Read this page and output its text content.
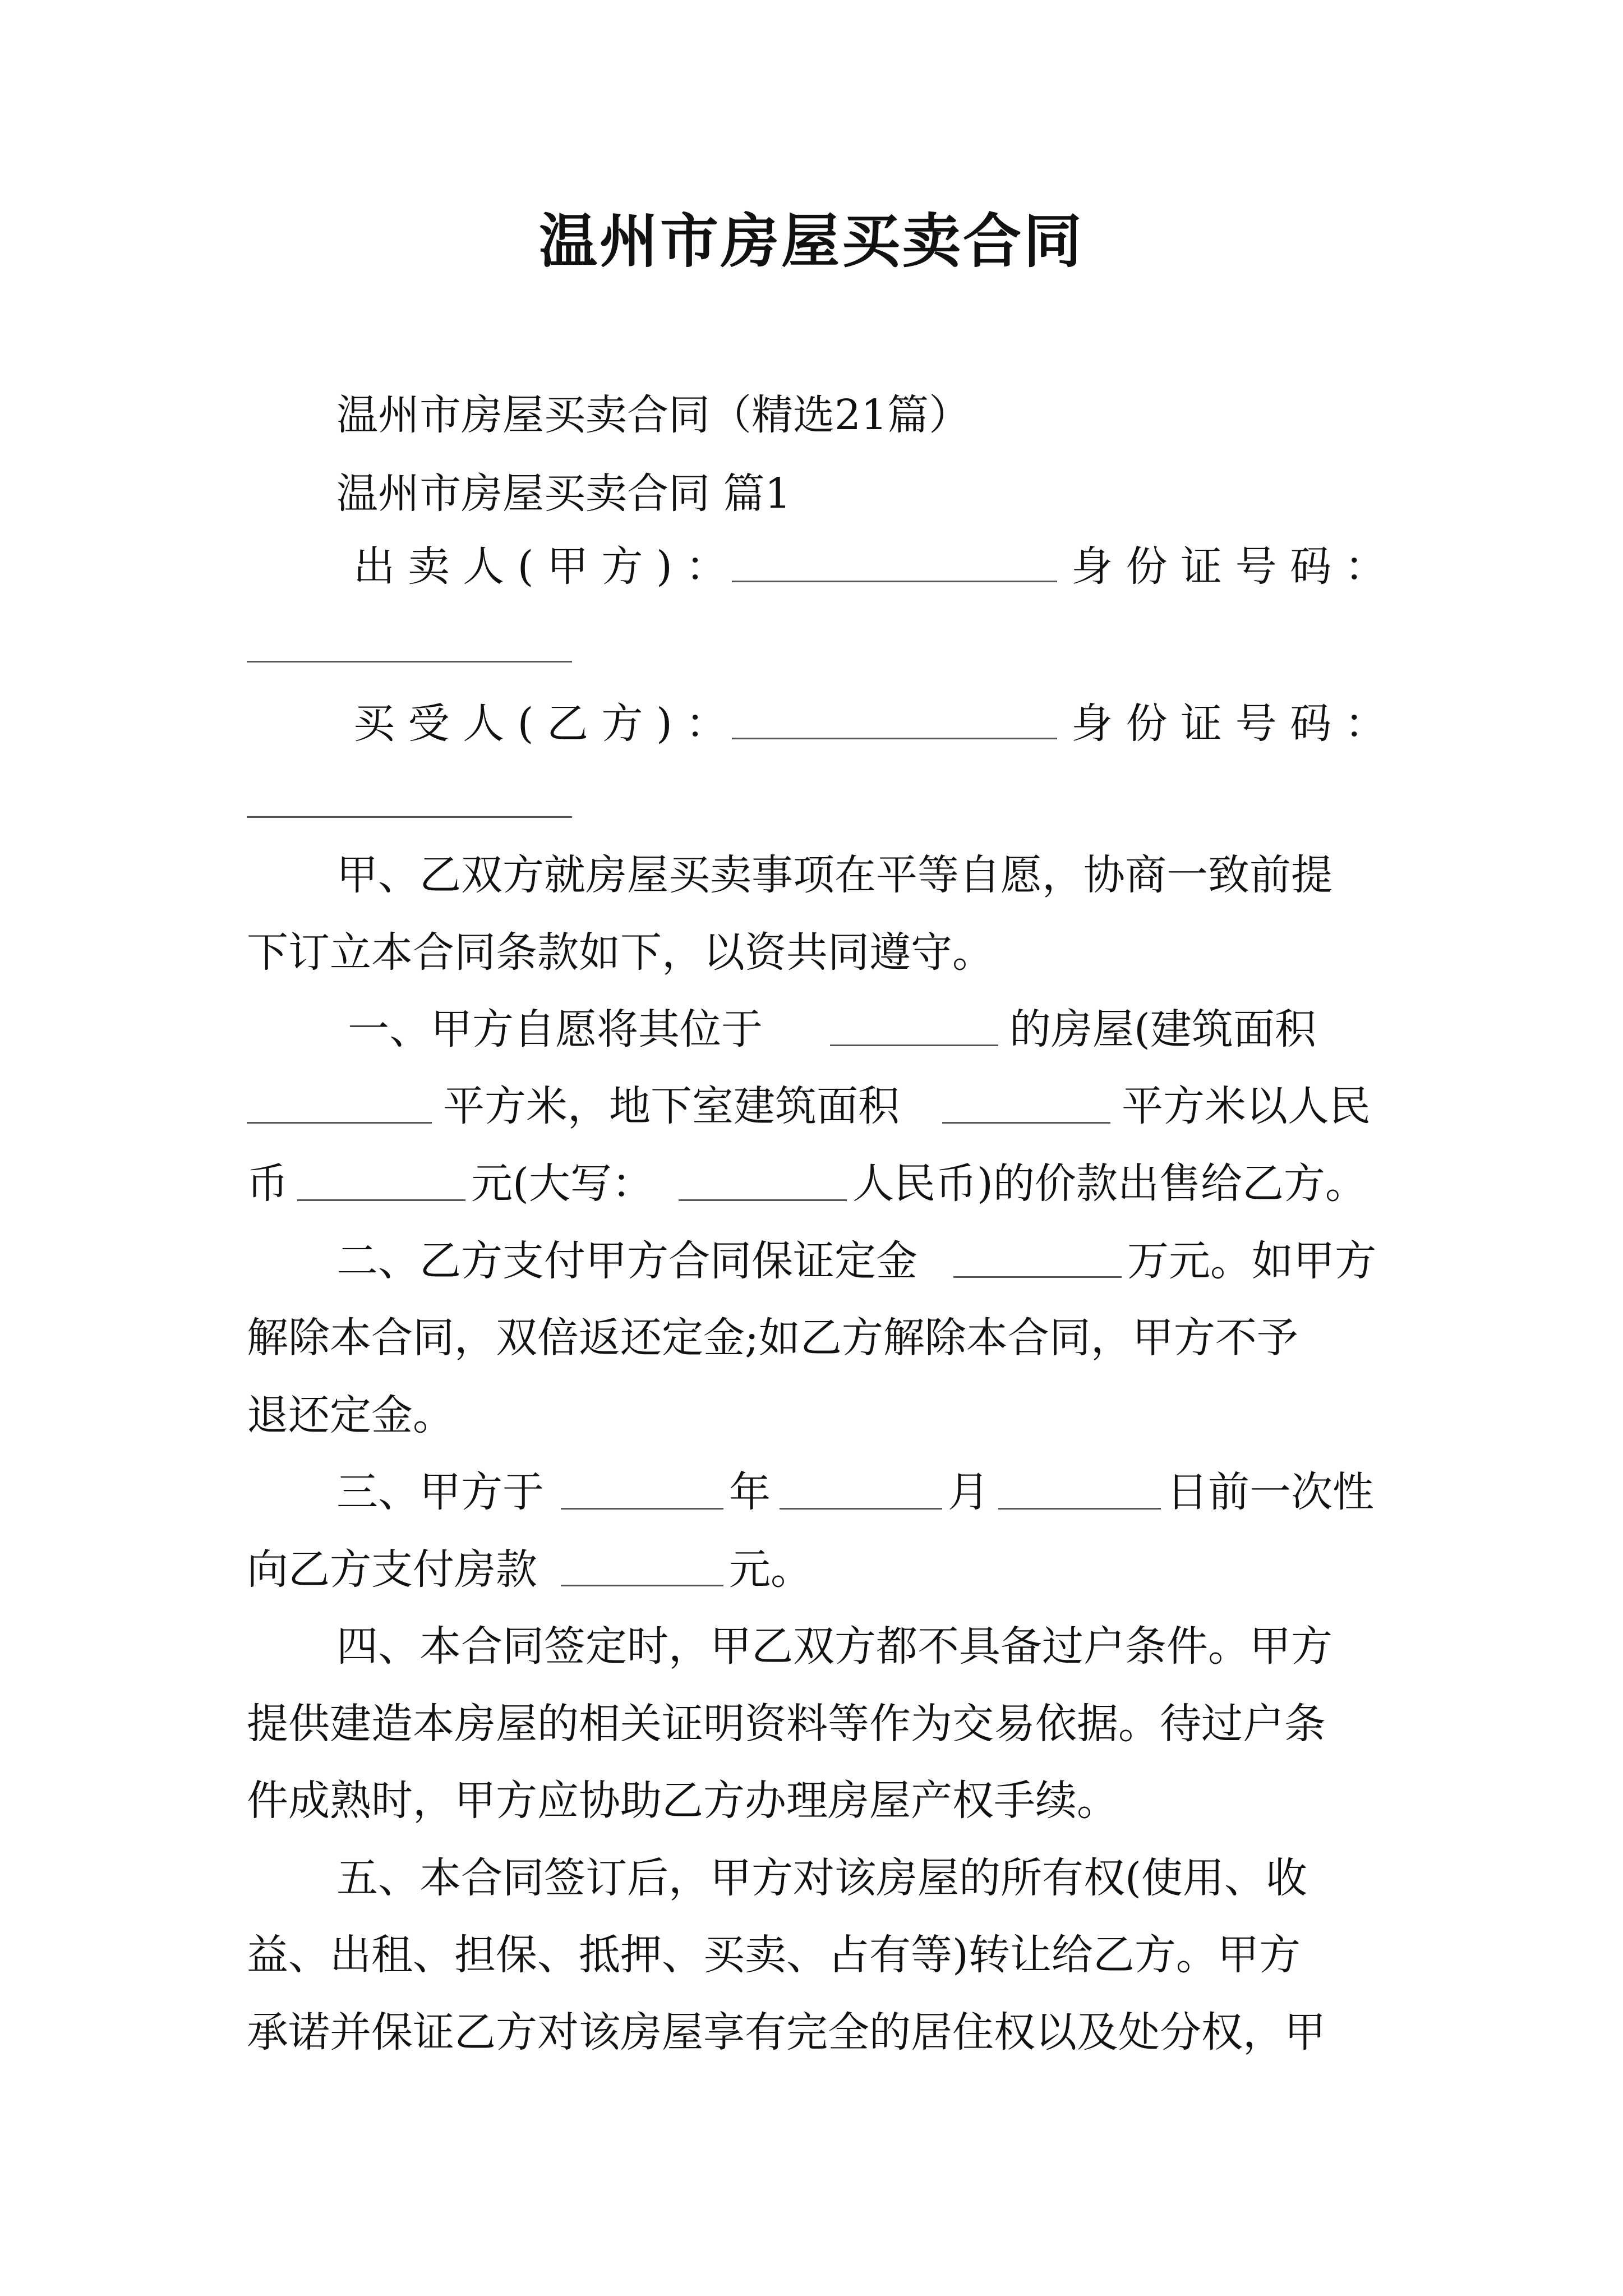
温州市房屋买卖合同
温州市房屋买卖合同（精选21篇）
温州市房屋买卖合同 篇1
出 卖 人 ( 甲 方 ) ：	身 份 证 号 码 ：
买 受 人 ( 乙 方 ) ：	身 份 证 号 码 ：
甲、乙双方就房屋买卖事项在平等自愿，协商一致前提
下订立本合同条款如下，以资共同遵守。
一、甲方自愿将其位于	的房屋(建筑面积
平方米，地下室建筑面积	平方米以人民
币	元(大写：	人民币)的价款出售给乙方。
二、乙方支付甲方合同保证定金	万元。如甲方
解除本合同，双倍返还定金;如乙方解除本合同，甲方不予
退还定金。
三、甲方于	年	月	日前一次性
向乙方支付房款	元。
四、本合同签定时，甲乙双方都不具备过户条件。甲方
提供建造本房屋的相关证明资料等作为交易依据。待过户条
件成熟时，甲方应协助乙方办理房屋产权手续。
五、本合同签订后，甲方对该房屋的所有权(使用、收
益、出租、担保、抵押、买卖、占有等)转让给乙方。甲方
承诺并保证乙方对该房屋享有完全的居住权以及处分权，甲
